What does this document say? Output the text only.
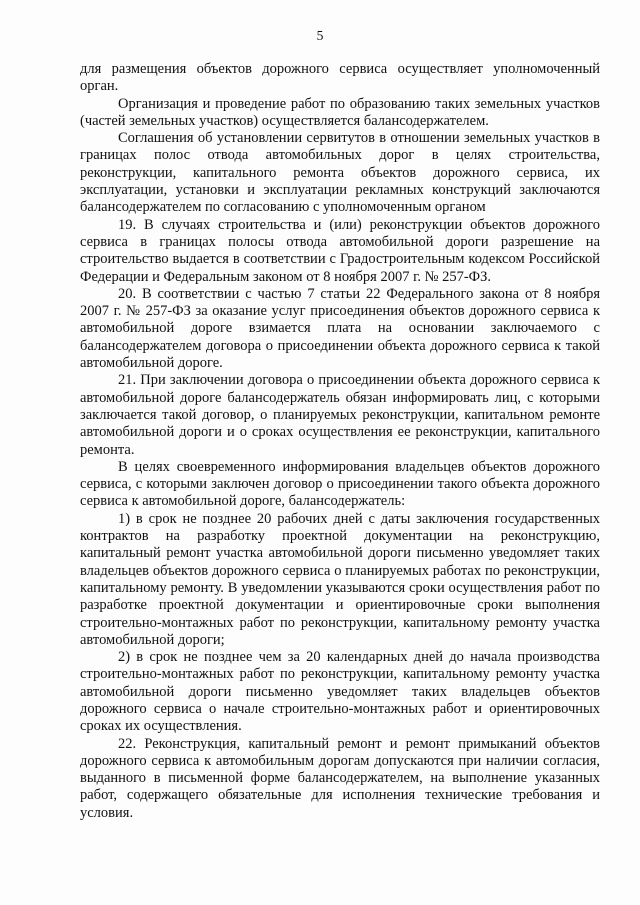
5

для размещения объектов дорожного сервиса осуществляет уполномоченный орган.

Организация и проведение работ по образованию таких земельных участков (частей земельных участков) осуществляется балансодержателем.

Соглашения об установлении сервитутов в отношении земельных участков в границах полос отвода автомобильных дорог в целях строительства, реконструкции, капитального ремонта объектов дорожного сервиса, их эксплуатации, установки и эксплуатации рекламных конструкций заключаются балансодержателем по согласованию с уполномоченным органом

19. В случаях строительства и (или) реконструкции объектов дорожного сервиса в границах полосы отвода автомобильной дороги разрешение на строительство выдается в соответствии с Градостроительным кодексом Российской Федерации и Федеральным законом от 8 ноября 2007 г. № 257-ФЗ.

20. В соответствии с частью 7 статьи 22 Федерального закона от 8 ноября 2007 г. № 257-ФЗ за оказание услуг присоединения объектов дорожного сервиса к автомобильной дороге взимается плата на основании заключаемого с балансодержателем договора о присоединении объекта дорожного сервиса к такой автомобильной дороге.

21. При заключении договора о присоединении объекта дорожного сервиса к автомобильной дороге балансодержатель обязан информировать лиц, с которыми заключается такой договор, о планируемых реконструкции, капитальном ремонте автомобильной дороги и о сроках осуществления ее реконструкции, капитального ремонта.

В целях своевременного информирования владельцев объектов дорожного сервиса, с которыми заключен договор о присоединении такого объекта дорожного сервиса к автомобильной дороге, балансодержатель:

1) в срок не позднее 20 рабочих дней с даты заключения государственных контрактов на разработку проектной документации на реконструкцию, капитальный ремонт участка автомобильной дороги письменно уведомляет таких владельцев объектов дорожного сервиса о планируемых работах по реконструкции, капитальному ремонту. В уведомлении указываются сроки осуществления работ по разработке проектной документации и ориентировочные сроки выполнения строительно-монтажных работ по реконструкции, капитальному ремонту участка автомобильной дороги;

2) в срок не позднее чем за 20 календарных дней до начала производства строительно-монтажных работ по реконструкции, капитальному ремонту участка автомобильной дороги письменно уведомляет таких владельцев объектов дорожного сервиса о начале строительно-монтажных работ и ориентировочных сроках их осуществления.

22. Реконструкция, капитальный ремонт и ремонт примыканий объектов дорожного сервиса к автомобильным дорогам допускаются при наличии согласия, выданного в письменной форме балансодержателем, на выполнение указанных работ, содержащего обязательные для исполнения технические требования и условия.
